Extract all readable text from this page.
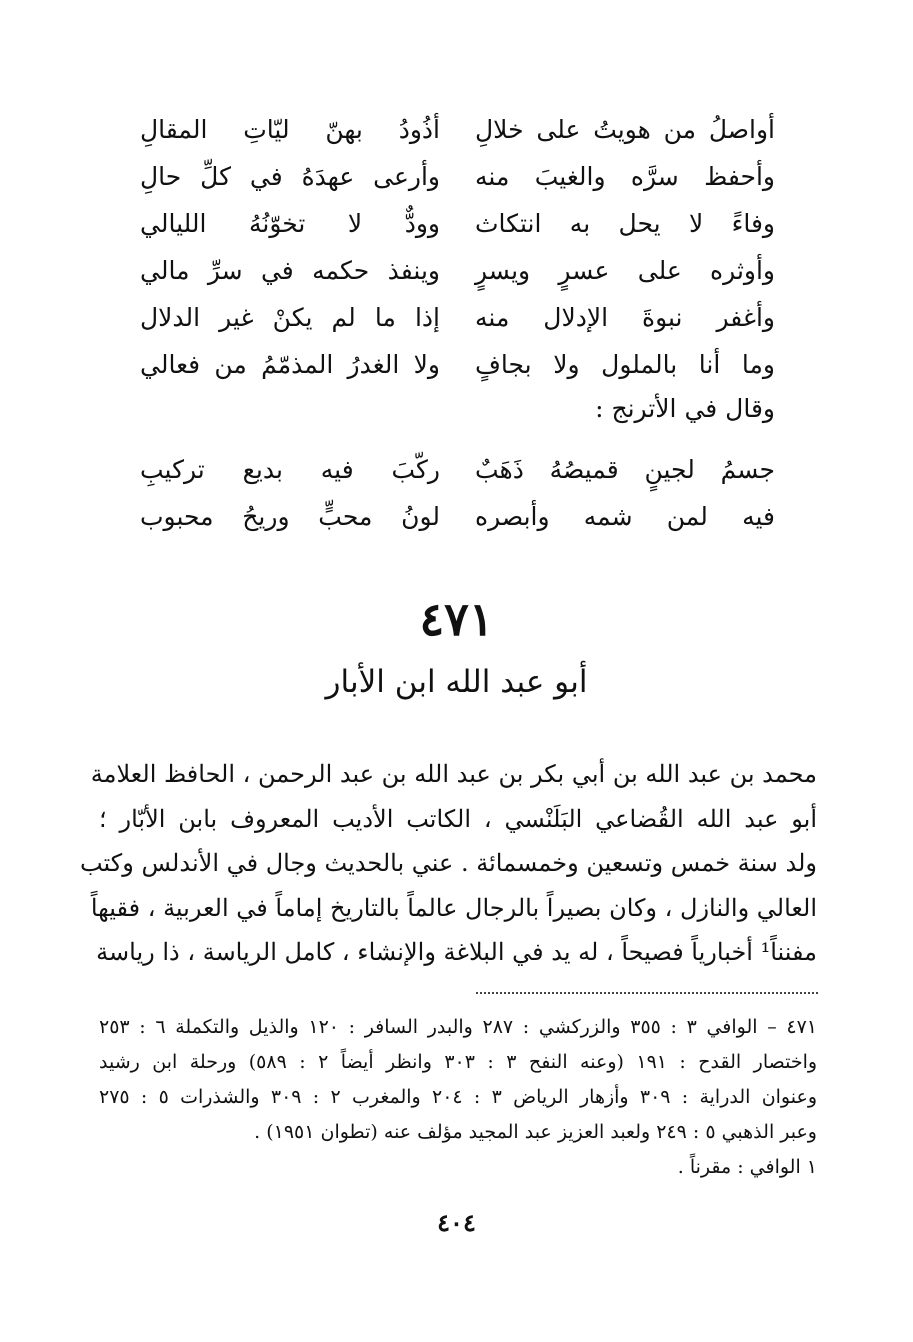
أواصلُ من هويتُ على خلالِ
أذُودُ بهنّ ليّاتِ المقالِ
وأحفظ سرَّه والغيبَ منه
وأرعى عهدَهُ في كلِّ حالِ
وفاءً لا يحل به انتكاث
وودٌّ لا تخوّنُهُ الليالي
وأوثره على عسرٍ ويسرٍ
وينفذ حكمه في سرِّ مالي
وأغفر نبوةَ الإدلال منه
إذا ما لم يكنْ غير الدلال
وما أنا بالملول ولا بجافٍ
ولا الغدرُ المذمّمُ من فعالي
وقال في الأترنج :
جسمُ لجينٍ قميصُهُ ذَهَبٌ
ركّبَ فيه بديع تركيبِ
فيه لمن شمه وأبصره
لونُ محبٍّ وريحُ محبوب
٤٧١
أبو عبد الله ابن الأبار
محمد بن عبد الله بن أبي بكر بن عبد الله بن عبد الرحمن ، الحافظ العلامة
أبو عبد الله القُضاعي البَلَنْسي ، الكاتب الأديب المعروف بابن الأبّار ؛
ولد سنة خمس وتسعين وخمسمائة . عني بالحديث وجال في الأندلس وكتب
العالي والنازل ، وكان بصيراً بالرجال عالماً بالتاريخ إماماً في العربية ، فقيهاً
مفنناً¹ أخبارياً فصيحاً ، له يد في البلاغة والإنشاء ، كامل الرياسة ، ذا رياسة
٤٧١ – الوافي ٣ : ٣٥٥ والزركشي : ٢٨٧ والبدر السافر : ١٢٠ والذيل والتكملة ٦ : ٢٥٣
واختصار القدح : ١٩١ (وعنه النفح ٣ : ٣٠٣ وانظر أيضاً ٢ : ٥٨٩) ورحلة ابن رشيد
وعنوان الدراية : ٣٠٩ وأزهار الرياض ٣ : ٢٠٤ والمغرب ٢ : ٣٠٩ والشذرات ٥ : ٢٧٥
وعبر الذهبي ٥ : ٢٤٩ ولعبد العزيز عبد المجيد مؤلف عنه (تطوان ١٩٥١) .
١ الوافي : مقرناً .
٤٠٤
